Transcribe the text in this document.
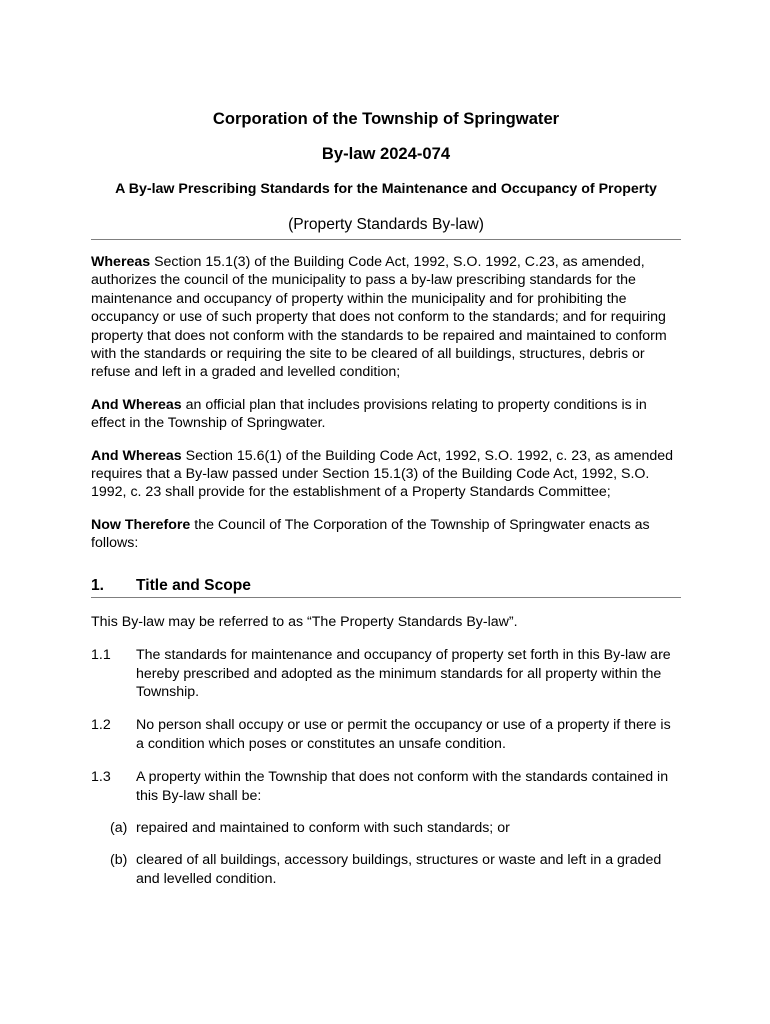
Corporation of the Township of Springwater

By-law 2024-074

A By-law Prescribing Standards for the Maintenance and Occupancy of Property

(Property Standards By-law)

Whereas Section 15.1(3) of the Building Code Act, 1992, S.O. 1992, C.23, as amended, authorizes the council of the municipality to pass a by-law prescribing standards for the maintenance and occupancy of property within the municipality and for prohibiting the occupancy or use of such property that does not conform to the standards; and for requiring property that does not conform with the standards to be repaired and maintained to conform with the standards or requiring the site to be cleared of all buildings, structures, debris or refuse and left in a graded and levelled condition;

And Whereas an official plan that includes provisions relating to property conditions is in effect in the Township of Springwater.

And Whereas Section 15.6(1) of the Building Code Act, 1992, S.O. 1992, c. 23, as amended requires that a By-law passed under Section 15.1(3) of the Building Code Act, 1992, S.O. 1992, c. 23 shall provide for the establishment of a Property Standards Committee;

Now Therefore the Council of The Corporation of the Township of Springwater enacts as follows:

1.	Title and Scope

This By-law may be referred to as “The Property Standards By-law”.

1.1	The standards for maintenance and occupancy of property set forth in this By-law are hereby prescribed and adopted as the minimum standards for all property within the Township.
1.2	No person shall occupy or use or permit the occupancy or use of a property if there is a condition which poses or constitutes an unsafe condition.
1.3	A property within the Township that does not conform with the standards contained in this By-law shall be:
(a) repaired and maintained to conform with such standards; or
(b) cleared of all buildings, accessory buildings, structures or waste and left in a graded and levelled condition.
